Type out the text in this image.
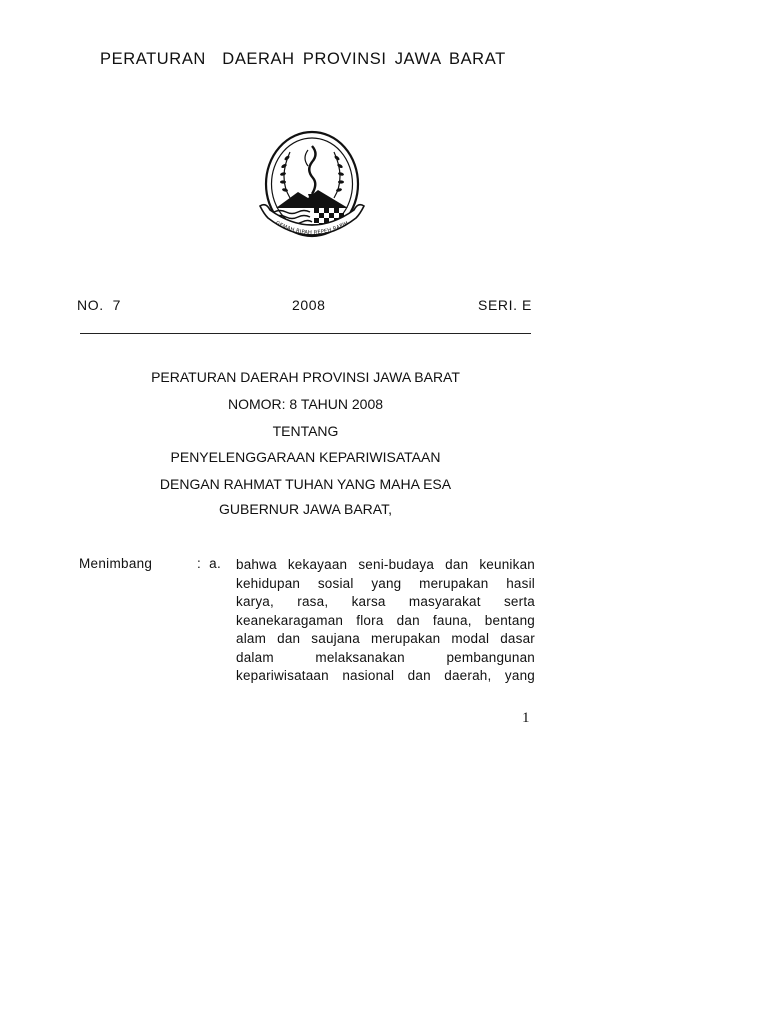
PERATURAN  DAERAH PROVINSI JAWA BARAT
GEMAH RIPAH REPEH RAPIH
NO.  7	2008	SERI. E
PERATURAN DAERAH PROVINSI JAWA BARAT
NOMOR: 8 TAHUN 2008
TENTANG
PENYELENGGARAAN KEPARIWISATAAN
DENGAN RAHMAT TUHAN YANG MAHA ESA
GUBERNUR JAWA BARAT,
Menimbang	:  a. bahwa kekayaan seni-budaya dan keunikan
kehidupan sosial yang merupakan hasil
karya, rasa, karsa masyarakat serta
keanekaragaman flora dan fauna, bentang
alam dan saujana merupakan modal dasar
dalam melaksanakan pembangunan
kepariwisataan nasional dan daerah, yang
1
